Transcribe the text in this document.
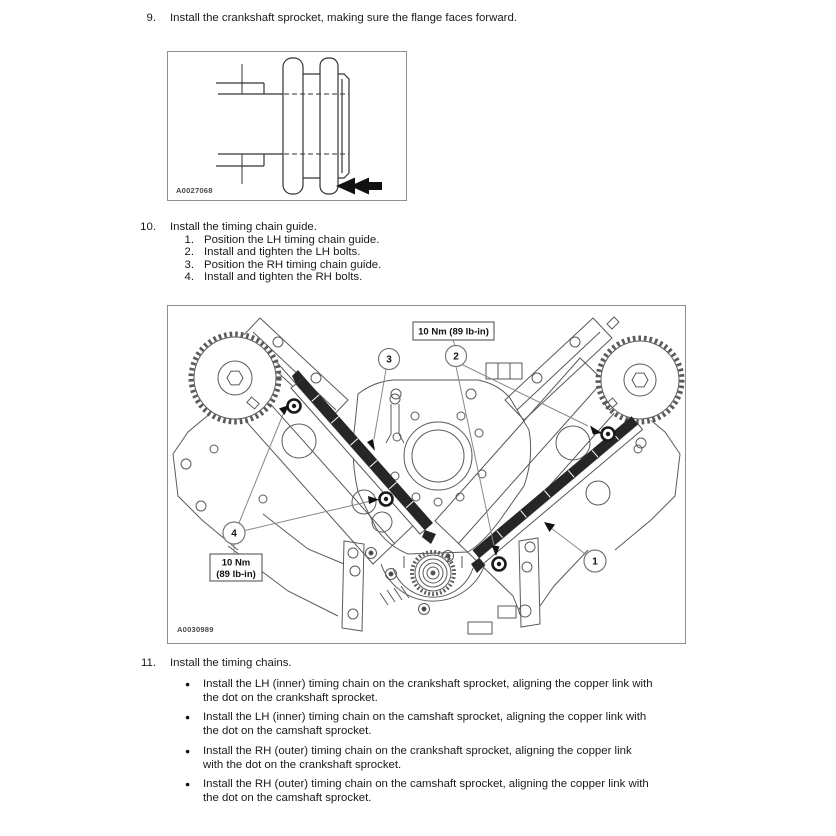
9. Install the crankshaft sprocket, making sure the flange faces forward.
A0027068
10. Install the timing chain guide.
1. Position the LH timing chain guide.
2. Install and tighten the LH bolts.
3. Position the RH timing chain guide.
4. Install and tighten the RH bolts.
10 Nm (89 lb-in)
10 Nm
(89 lb-in)
1
2
3
4
A0030989
11. Install the timing chains.
● Install the LH (inner) timing chain on the crankshaft sprocket, aligning the copper link with
the dot on the crankshaft sprocket.
● Install the LH (inner) timing chain on the camshaft sprocket, aligning the copper link with
the dot on the camshaft sprocket.
● Install the RH (outer) timing chain on the crankshaft sprocket, aligning the copper link
with the dot on the crankshaft sprocket.
● Install the RH (outer) timing chain on the camshaft sprocket, aligning the copper link with
the dot on the camshaft sprocket.
